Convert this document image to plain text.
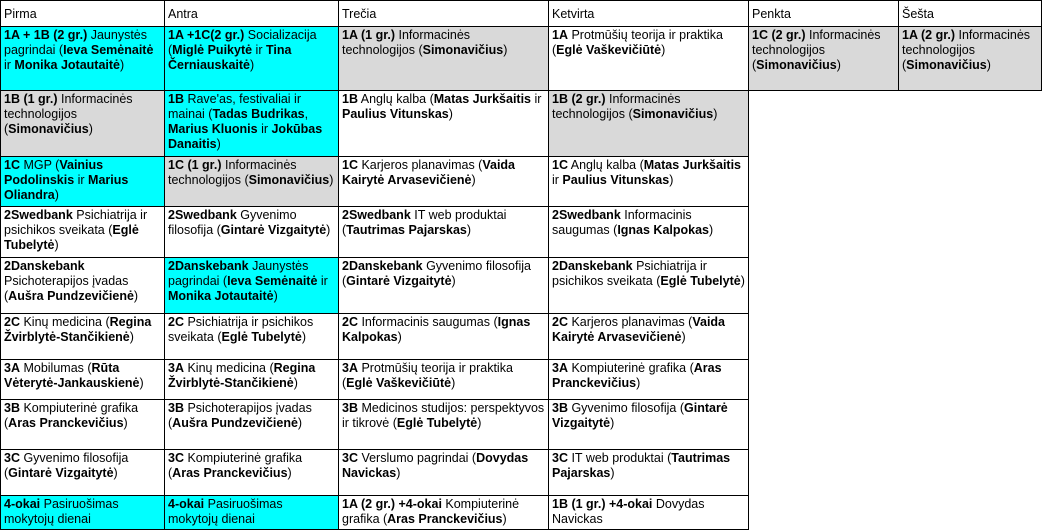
Pirma	Antra	Trečia	Ketvirta	Penkta	Šešta
1A + 1B (2 gr.) Jaunystės pagrindai (Ieva Semėnaitė ir Monika Jotautaitė)	1A +1C(2 gr.) Socializacija (Miglė Puikytė ir Tina Černiauskaitė)	1A (1 gr.) Informacinės technologijos (Simonavičius)	1A Protmūšių teorija ir praktika (Eglė Vaškevičiūtė)	1C (2 gr.) Informacinės technologijos (Simonavičius)	1A (2 gr.) Informacinės technologijos (Simonavičius)
1B (1 gr.) Informacinės technologijos (Simonavičius)	1B Rave'as, festivaliai ir mainai (Tadas Budrikas, Marius Kluonis ir Jokūbas Danaitis)	1B Anglų kalba (Matas Jurkšaitis ir Paulius Vitunskas)	1B (2 gr.) Informacinės technologijos (Simonavičius)		
1C MGP (Vainius Podolinskis ir Marius Oliandra)	1C (1 gr.) Informacinės technologijos (Simonavičius)	1C Karjeros planavimas (Vaida Kairytė Arvasevičienė)	1C Anglų kalba (Matas Jurkšaitis ir Paulius Vitunskas)		
2Swedbank Psichiatrija ir psichikos sveikata (Eglė Tubelytė)	2Swedbank Gyvenimo filosofija (Gintarė Vizgaitytė)	2Swedbank IT web produktai (Tautrimas Pajarskas)	2Swedbank Informacinis saugumas (Ignas Kalpokas)		
2Danskebank Psichoterapijos įvadas (Aušra Pundzevičienė)	2Danskebank Jaunystės pagrindai (Ieva Semėnaitė ir Monika Jotautaitė)	2Danskebank Gyvenimo filosofija (Gintarė Vizgaitytė)	2Danskebank Psichiatrija ir psichikos sveikata (Eglė Tubelytė)		
2C Kinų medicina (Regina Žvirblytė-Stančikienė)	2C Psichiatrija ir psichikos sveikata (Eglė Tubelytė)	2C Informacinis saugumas (Ignas Kalpokas)	2C Karjeros planavimas (Vaida Kairytė Arvasevičienė)		
3A Mobilumas (Rūta Vėterytė-Jankauskienė)	3A Kinų medicina (Regina Žvirblytė-Stančikienė)	3A Protmūšių teorija ir praktika (Eglė Vaškevičiūtė)	3A Kompiuterinė grafika (Aras Pranckevičius)		
3B Kompiuterinė grafika (Aras Pranckevičius)	3B Psichoterapijos įvadas (Aušra Pundzevičienė)	3B Medicinos studijos: perspektyvos ir tikrovė (Eglė Tubelytė)	3B Gyvenimo filosofija (Gintarė Vizgaitytė)		
3C Gyvenimo filosofija (Gintarė Vizgaitytė)	3C Kompiuterinė grafika (Aras Pranckevičius)	3C Verslumo pagrindai (Dovydas Navickas)	3C IT web produktai (Tautrimas Pajarskas)		
4-okai Pasiruošimas mokytojų dienai	4-okai Pasiruošimas mokytojų dienai	1A (2 gr.) +4-okai Kompiuterinė grafika (Aras Pranckevičius)	1B (1 gr.) +4-okai Dovydas Navickas		
